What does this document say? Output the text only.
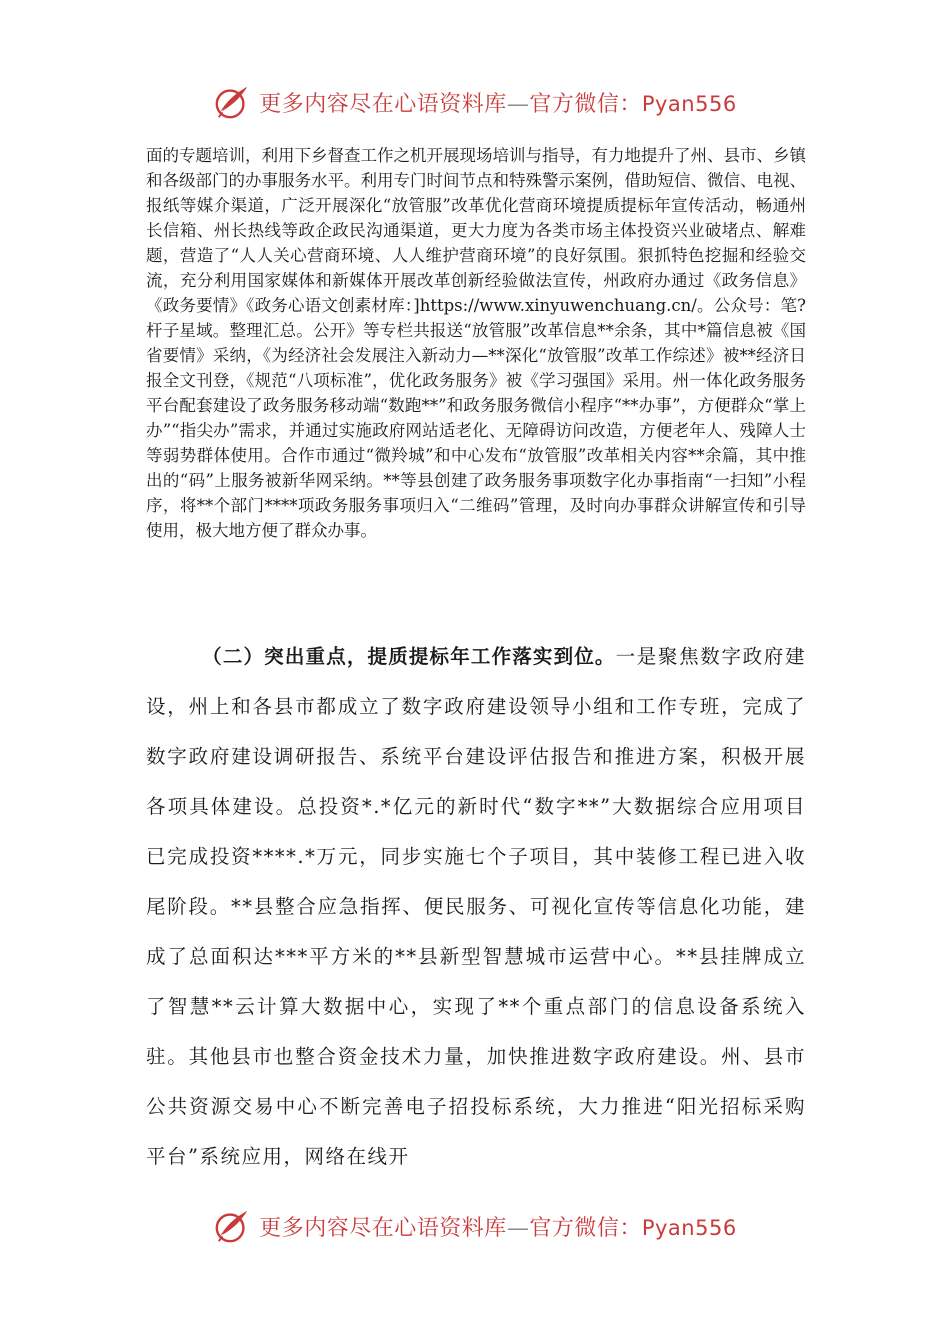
更多内容尽在心语资料库—官方微信：Pyan556

面的专题培训，利用下乡督查工作之机开展现场培训与指导，有力地提升了州、县市、乡镇和各级部门的办事服务水平。利用专门时间节点和特殊警示案例，借助短信、微信、电视、报纸等媒介渠道，广泛开展深化“放管服”改革优化营商环境提质提标年宣传活动，畅通州长信箱、州长热线等政企政民沟通渠道，更大力度为各类市场主体投资兴业破堵点、解难题，营造了“人人关心营商环境、人人维护营商环境”的良好氛围。狠抓特色挖掘和经验交流，充分利用国家媒体和新媒体开展改革创新经验做法宣传，州政府办通过《政务信息》《政务要情》《政务心语文创素材库：]https://www.xinyuwenchuang.cn/。公众号：笔?杆子星域。整理汇总。公开》等专栏共报送“放管服”改革信息**余条，其中*篇信息被《国省要情》采纳，《为经济社会发展注入新动力—**深化“放管服”改革工作综述》被**经济日报全文刊登，《规范“八项标准”，优化政务服务》被《学习强国》采用。州一体化政务服务平台配套建设了政务服务移动端“数跑**”和政务服务微信小程序“**办事”，方便群众“掌上办”“指尖办”需求，并通过实施政府网站适老化、无障碍访问改造，方便老年人、残障人士等弱势群体使用。合作市通过“微羚城”和中心发布“放管服”改革相关内容**余篇，其中推出的“码”上服务被新华网采纳。**等县创建了政务服务事项数字化办事指南“一扫知”小程序，将**个部门****项政务服务事项归入“二维码”管理，及时向办事群众讲解宣传和引导使用，极大地方便了群众办事。

（二）突出重点，提质提标年工作落实到位。一是聚焦数字政府建设，州上和各县市都成立了数字政府建设领导小组和工作专班，完成了数字政府建设调研报告、系统平台建设评估报告和推进方案，积极开展各项具体建设。总投资*.*亿元的新时代“数字**”大数据综合应用项目已完成投资****.*万元，同步实施七个子项目，其中装修工程已进入收尾阶段。**县整合应急指挥、便民服务、可视化宣传等信息化功能，建成了总面积达***平方米的**县新型智慧城市运营中心。**县挂牌成立了智慧**云计算大数据中心，实现了**个重点部门的信息设备系统入驻。其他县市也整合资金技术力量，加快推进数字政府建设。州、县市公共资源交易中心不断完善电子招投标系统，大力推进“阳光招标采购平台”系统应用，网络在线开

更多内容尽在心语资料库—官方微信：Pyan556
